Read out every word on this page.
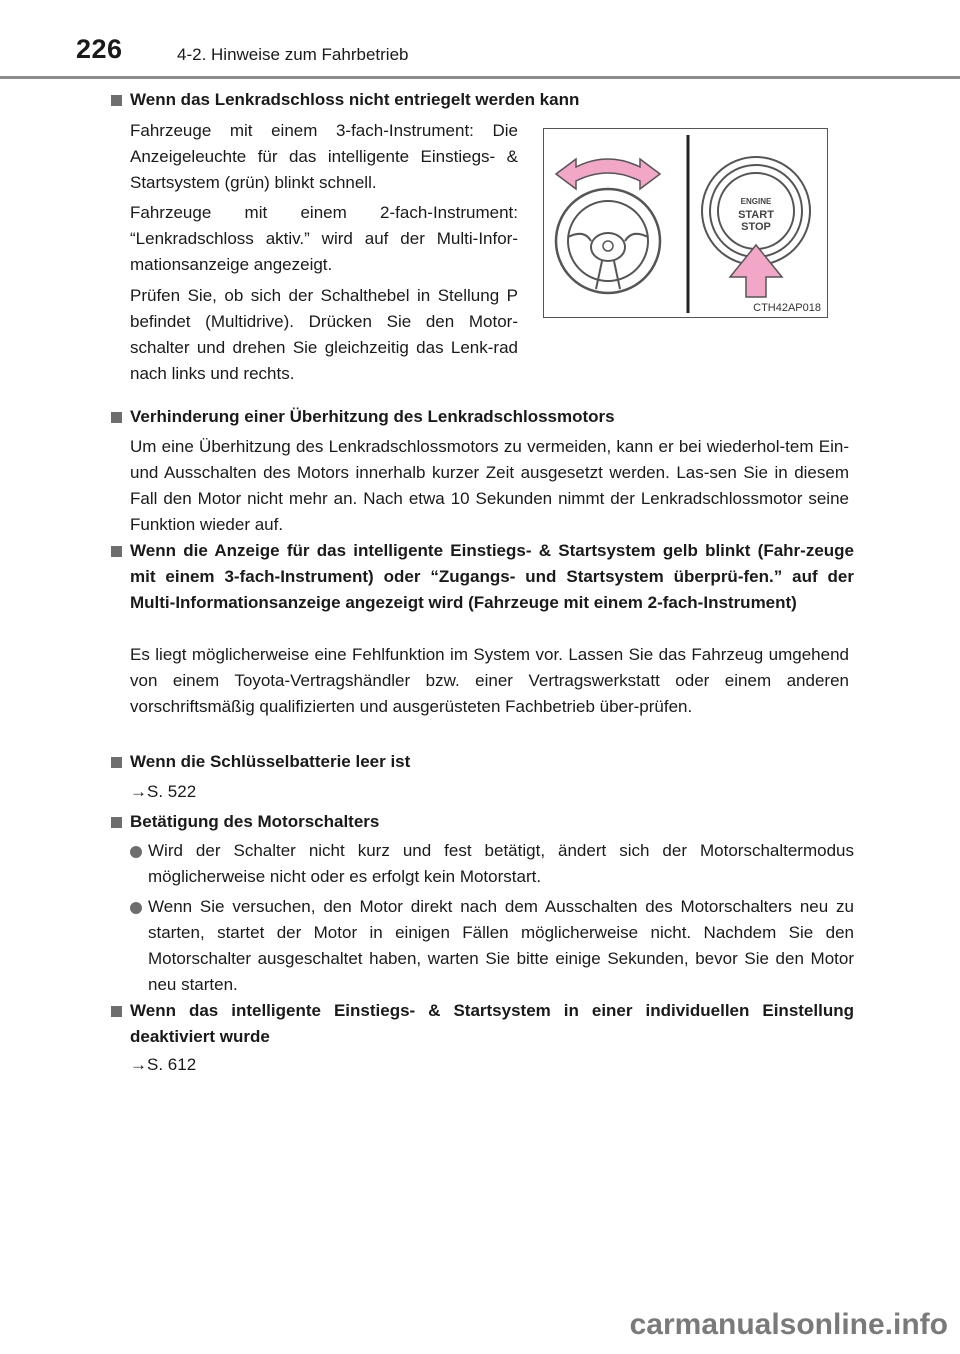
226	4-2. Hinweise zum Fahrbetrieb
Wenn das Lenkradschloss nicht entriegelt werden kann
Fahrzeuge mit einem 3-fach-Instrument: Die Anzeigeleuchte für das intelligente Einstiegs- & Startsystem (grün) blinkt schnell.
Fahrzeuge mit einem 2-fach-Instrument: “Lenkradschloss aktiv.” wird auf der Multi-Infor-mationsanzeige angezeigt.
Prüfen Sie, ob sich der Schalthebel in Stellung P befindet (Multidrive). Drücken Sie den Motor-schalter und drehen Sie gleichzeitig das Lenk-rad nach links und rechts.
ENGINE
START
STOP
CTH42AP018
Verhinderung einer Überhitzung des Lenkradschlossmotors
Um eine Überhitzung des Lenkradschlossmotors zu vermeiden, kann er bei wiederhol-tem Ein- und Ausschalten des Motors innerhalb kurzer Zeit ausgesetzt werden. Las-sen Sie in diesem Fall den Motor nicht mehr an. Nach etwa 10 Sekunden nimmt der Lenkradschlossmotor seine Funktion wieder auf.
Wenn die Anzeige für das intelligente Einstiegs- & Startsystem gelb blinkt (Fahr-zeuge mit einem 3-fach-Instrument) oder “Zugangs- und Startsystem überprü-fen.” auf der Multi-Informationsanzeige angezeigt wird (Fahrzeuge mit einem 2-fach-Instrument)
Es liegt möglicherweise eine Fehlfunktion im System vor. Lassen Sie das Fahrzeug umgehend von einem Toyota-Vertragshändler bzw. einer Vertragswerkstatt oder einem anderen vorschriftsmäßig qualifizierten und ausgerüsteten Fachbetrieb über-prüfen.
Wenn die Schlüsselbatterie leer ist
→S. 522
Betätigung des Motorschalters
Wird der Schalter nicht kurz und fest betätigt, ändert sich der Motorschaltermodus möglicherweise nicht oder es erfolgt kein Motorstart.
Wenn Sie versuchen, den Motor direkt nach dem Ausschalten des Motorschalters neu zu starten, startet der Motor in einigen Fällen möglicherweise nicht. Nachdem Sie den Motorschalter ausgeschaltet haben, warten Sie bitte einige Sekunden, bevor Sie den Motor neu starten.
Wenn das intelligente Einstiegs- & Startsystem in einer individuellen Einstellung deaktiviert wurde
→S. 612
carmanualsonline.info
